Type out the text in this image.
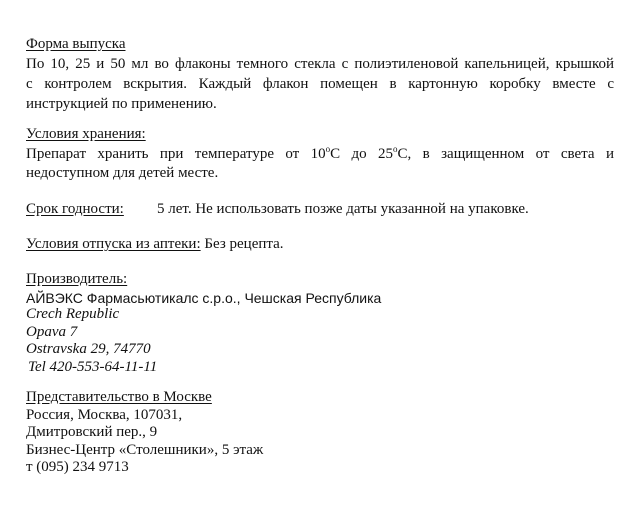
Форма выпуска
По 10, 25 и 50 мл во флаконы темного стекла с полиэтиленовой капельницей, крышкой
с контролем вскрытия. Каждый флакон помещен в картонную коробку вместе с
инструкцией по применению.
Условия хранения:
Препарат хранить при температуре от 10$^o$С до 25$^o$С, в защищенном от света и
недоступном для детей месте.
Срок годности: 5 лет. Не использовать позже даты указанной на упаковке.
Условия отпуска из аптеки: Без рецепта.
Производитель:
АЙВЭКС Фармасьютикалс с.р.о., Чешская Республика
Crech Republic
Opava 7
Ostravska 29, 74770
Tel 420-553-64-11-11
Представительство в Москве
Россия, Москва, 107031,
Дмитровский пер., 9
Бизнес-Центр «Столешники», 5 этаж
т (095) 234 9713
